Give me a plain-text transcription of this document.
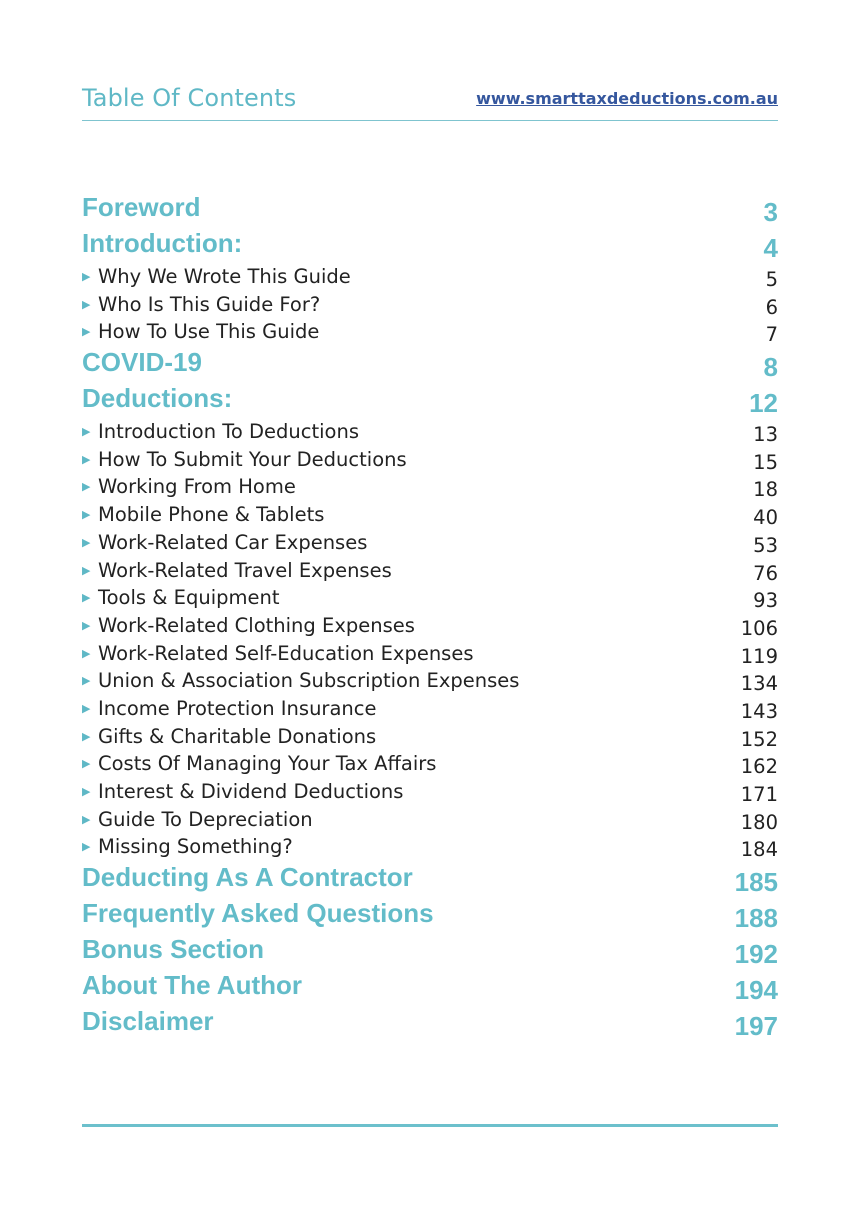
Table Of Contents	www.smarttaxdeductions.com.au
Foreword	3
Introduction:	4
▶ Why We Wrote This Guide	5
▶ Who Is This Guide For?	6
▶ How To Use This Guide	7
COVID-19	8
Deductions:	12
▶ Introduction To Deductions	13
▶ How To Submit Your Deductions	15
▶ Working From Home	18
▶ Mobile Phone & Tablets	40
▶ Work-Related Car Expenses	53
▶ Work-Related Travel Expenses	76
▶ Tools & Equipment	93
▶ Work-Related Clothing Expenses	106
▶ Work-Related Self-Education Expenses	119
▶ Union & Association Subscription Expenses	134
▶ Income Protection Insurance	143
▶ Gifts & Charitable Donations	152
▶ Costs Of Managing Your Tax Affairs	162
▶ Interest & Dividend Deductions	171
▶ Guide To Depreciation	180
▶ Missing Something?	184
Deducting As A Contractor	185
Frequently Asked Questions	188
Bonus Section	192
About The Author	194
Disclaimer	197
